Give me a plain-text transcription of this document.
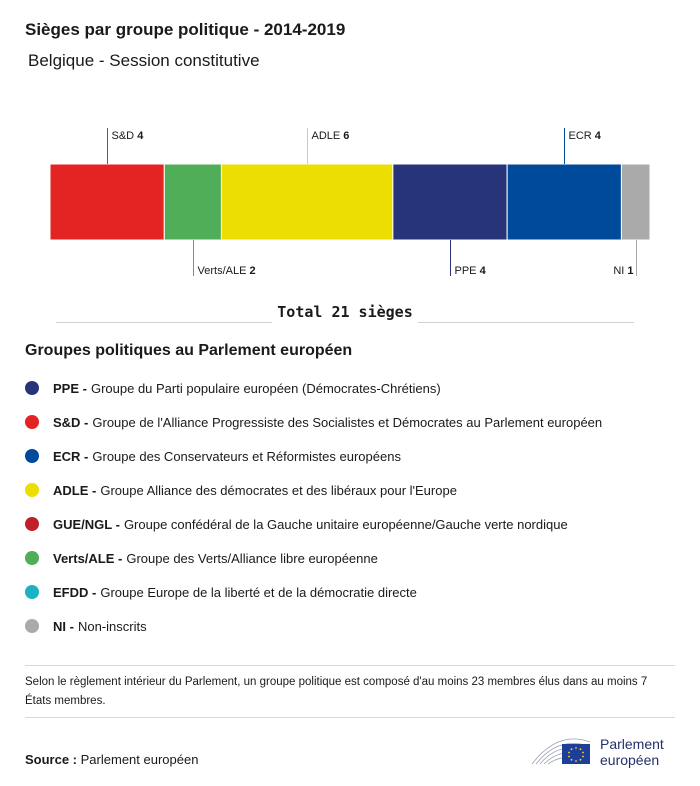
Sièges par groupe politique - 2014-2019
Belgique - Session constitutive
S&D 4
Verts/ALE 2
ADLE 6
PPE 4
ECR 4
NI 1
Total 21 sièges
Groupes politiques au Parlement européen
PPE - Groupe du Parti populaire européen (Démocrates-Chrétiens)
S&D - Groupe de l'Alliance Progressiste des Socialistes et Démocrates au Parlement européen
ECR - Groupe des Conservateurs et Réformistes européens
ADLE - Groupe Alliance des démocrates et des libéraux pour l'Europe
GUE/NGL - Groupe confédéral de la Gauche unitaire européenne/Gauche verte nordique
Verts/ALE - Groupe des Verts/Alliance libre européenne
EFDD - Groupe Europe de la liberté et de la démocratie directe
NI - Non-inscrits
Selon le règlement intérieur du Parlement, un groupe politique est composé d'au moins 23 membres élus dans au moins 7 États membres.
Source : Parlement européen
Parlement
européen
